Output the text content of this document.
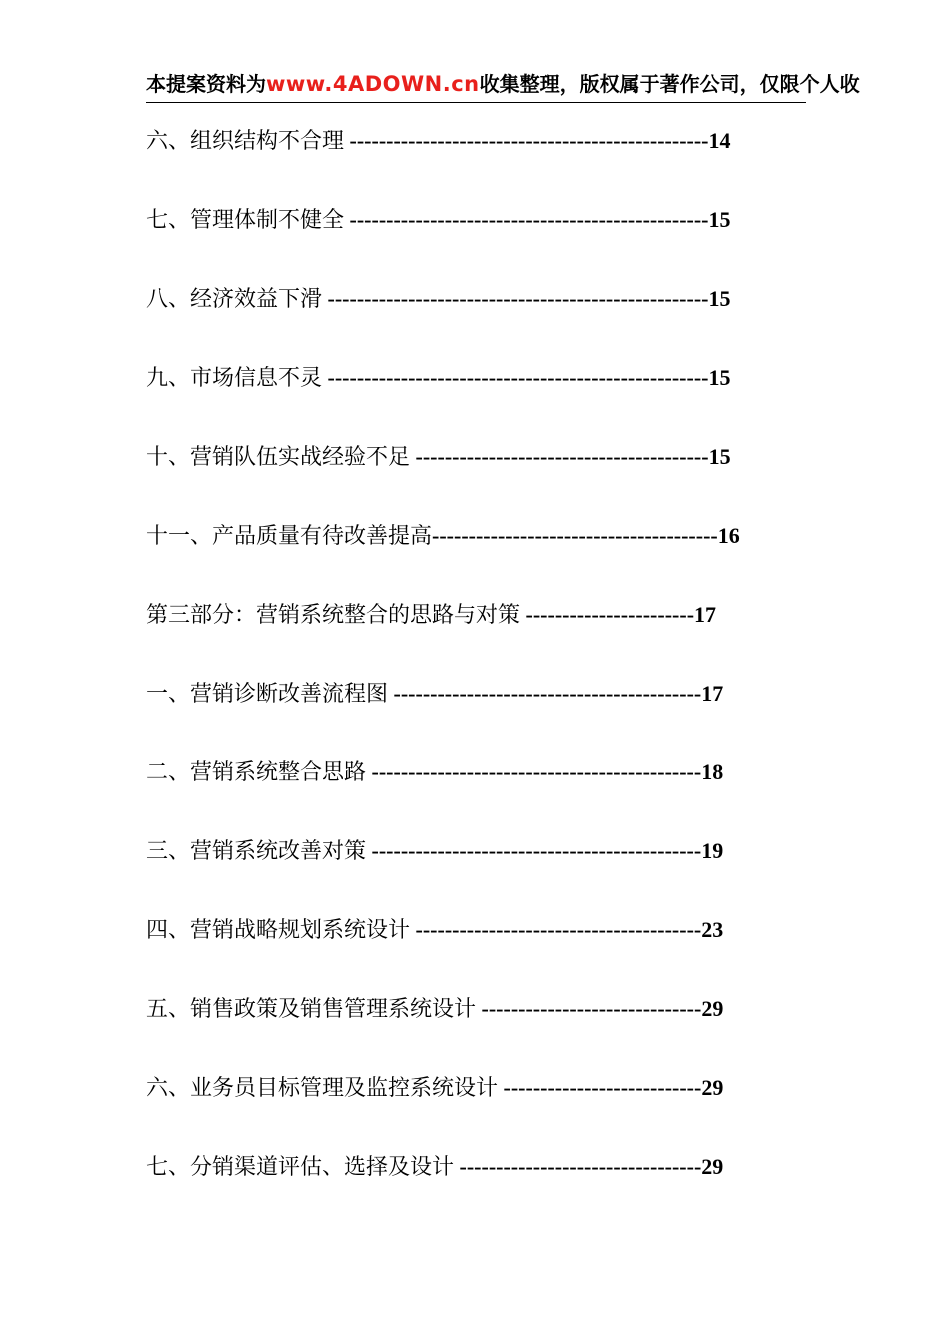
本提案资料为www.4ADOWN.cn收集整理，版权属于著作公司，仅限个人收
六、组织结构不合理 -------------------------------------------------14
七、管理体制不健全 -------------------------------------------------15
八、经济效益下滑 ----------------------------------------------------15
九、市场信息不灵 ----------------------------------------------------15
十、营销队伍实战经验不足 ----------------------------------------15
十一、产品质量有待改善提高---------------------------------------16
第三部分：营销系统整合的思路与对策 -----------------------17
一、营销诊断改善流程图 ------------------------------------------17
二、营销系统整合思路 ---------------------------------------------18
三、营销系统改善对策 ---------------------------------------------19
四、营销战略规划系统设计 ---------------------------------------23
五、销售政策及销售管理系统设计 ------------------------------29
六、业务员目标管理及监控系统设计 ---------------------------29
七、分销渠道评估、选择及设计 ---------------------------------29
